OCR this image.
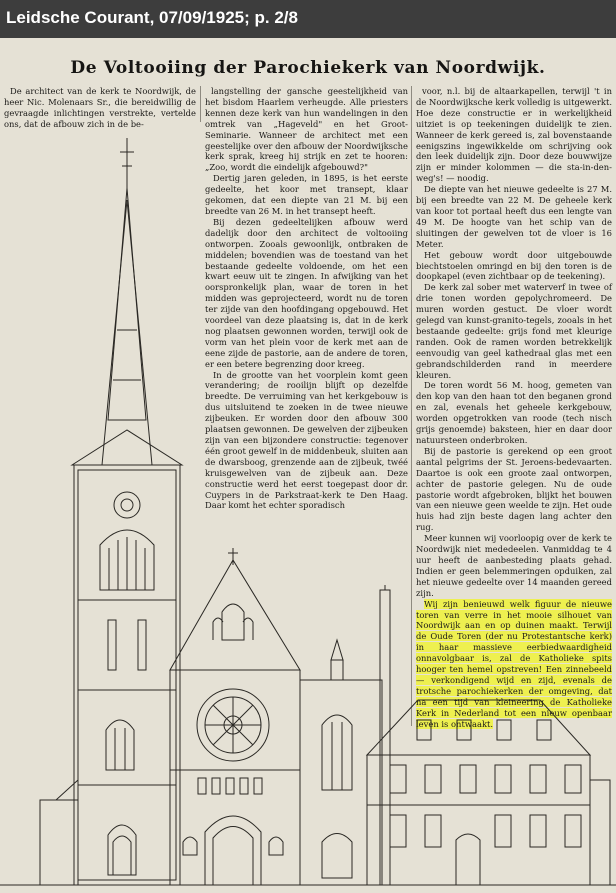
Leidsche Courant, 07/09/1925; p. 2/8
De Voltooiing der Parochiekerk van Noordwijk.

De architect van de kerk te Noordwijk, de heer Nic. Molenaars Sr., die bereidwillig de gevraagde inlichtingen verstrekte, vertelde ons, dat de afbouw zich in de be-

langstelling der gansche geestelijkheid van het bisdom Haarlem verheugde. Alle priesters kennen deze kerk van hun wandelingen in den omtrek van „Hageveld" en het Groot-Seminarie. Wanneer de architect met een geestelijke over den afbouw der Noordwijksche kerk sprak, kreeg hij strijk en zet te hooren: „Zoo, wordt die eindelijk afgebouwd?"

Dertig jaren geleden, in 1895, is het eerste gedeelte, het koor met transept, klaar gekomen, dat een diepte van 21 M. bij een breedte van 26 M. in het transept heeft.

Bij dezen gedeeltelijken afbouw werd dadelijk door den architect de voltooiing ontworpen. Zooals gewoonlijk, ontbraken de middelen; bovendien was de toestand van het bestaande gedeelte voldoende, om het een kwart eeuw uit te zingen. In afwijking van het oorspronkelijk plan, waar de toren in het midden was geprojecteerd, wordt nu de toren ter zijde van den hoofdingang opgebouwd. Het voordeel van deze plaatsing is, dat in de kerk nog plaatsen gewonnen worden, terwijl ook de vorm van het plein voor de kerk met aan de eene zijde de pastorie, aan de andere de toren, er een betere begrenzing door kreeg.

In de grootte van het voorplein komt geen verandering; de rooilijn blijft op dezelfde breedte. De verruiming van het kerkgebouw is dus uitsluitend te zoeken in de twee nieuwe zijbeuken. Er worden door den afbouw 300 plaatsen gewonnen. De gewelven der zijbeuken zijn van een bijzondere constructie: tegenover één groot gewelf in de middenbeuk, sluiten aan de dwarsboog, grenzende aan de zijbeuk, twéé kruisgewelven van de zijbeuk aan. Deze constructie werd het eerst toegepast door dr. Cuypers in de Parkstraat-kerk te Den Haag. Daar komt het echter sporadisch

voor, n.l. bij de altaarkapellen, terwijl 't in de Noordwijksche kerk volledig is uitgewerkt. Hoe deze constructie er in werkelijkheid uitziet is op teekeningen duidelijk te zien. Wanneer de kerk gereed is, zal bovenstaande eenigszins ingewikkelde om schrijving ook den leek duidelijk zijn. Door deze bouwwijze zijn er minder kolommen — die sta-in-den-weg's! — noodig.

De diepte van het nieuwe gedeelte is 27 M. bij een breedte van 22 M. De geheele kerk van koor tot portaal heeft dus een lengte van 49 M. De hoogte van het schip van de sluitingen der gewelven tot de vloer is 16 Meter.

Het gebouw wordt door uitgebouwde biechtstoelen omringd en bij den toren is de doopkapel (even zichtbaar op de teekening).

De kerk zal sober met waterverf in twee of drie tonen worden gepolychromeerd. De muren worden gestuct. De vloer wordt gelegd van kunst-granito-tegels, zooals in het bestaande gedeelte: grijs fond met kleurige randen. Ook de ramen worden betrekkelijk eenvoudig van geel kathedraal glas met een gebrandschilderden rand in meerdere kleuren.

De toren wordt 56 M. hoog, gemeten van den kop van den haan tot den beganen grond en zal, evenals het geheele kerkgebouw, worden opgetrokken van roode (tech nisch grijs genoemde) baksteen, hier en daar door natuursteen onderbroken.

Bij de pastorie is gerekend op een groot aantal pelgrims der St. Jeroens-bedevaarten. Daartoe is ook een groote zaal ontworpen, achter de pastorie gelegen. Nu de oude pastorie wordt afgebroken, blijkt het bouwen van een nieuwe geen weelde te zijn. Het oude huis had zijn beste dagen lang achter den rug.

Meer kunnen wij voorloopig over de kerk te Noordwijk niet mededeelen. Vanmiddag te 4 uur heeft de aanbesteding plaats gehad. Indien er geen belemmeringen opduiken, zal het nieuwe gedeelte over 14 maanden gereed zijn.

Wij zijn benieuwd welk figuur de nieuwe toren van verre in het mooie silhouet van Noordwijk aan en op duinen maakt. Terwijl de Oude Toren (der nu Protestantsche kerk) in haar massieve eerbiedwaardigheid onnavolgbaar is, zal de Katholieke spits hooger ten hemel opstreven! Een zinnebeeld — verkondigend wijd en zijd, evenals de trotsche parochiekerken der omgeving, dat na een tijd van kleineering de Katholieke Kerk in Nederland tot een nieuw openbaar leven is ontwaakt.
